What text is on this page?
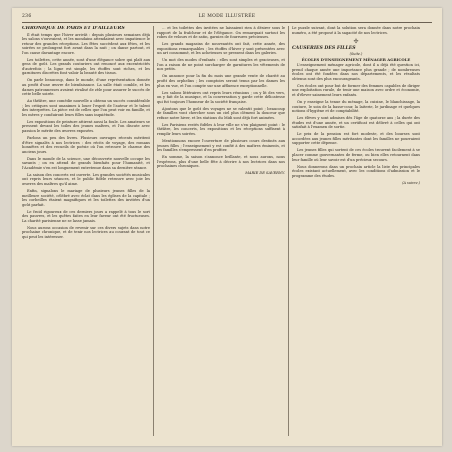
236	LE MODE ILLUSTRÉE
CHRONIQUE DE PARIS ET D'AILLEURS
Il était temps que l'hiver arrivât : depuis plusieurs semaines déjà les salons s'ouvraient, et les mondains attendaient avec impatience le retour des grandes réceptions. Les fêtes succèdent aux fêtes, et les soirées se prolongent fort avant dans la nuit ; on danse partout, et l'on cause davantage encore.
Les toilettes, cette année, sont d'une élégance sobre qui plaît aux gens de goût. Les grands couturiers ont renoncé aux excentricités d'autrefois ; la ligne est simple, les étoffes sont riches, et les garnitures discrètes font valoir la beauté des tissus.
On parle beaucoup, dans le monde, d'une représentation donnée au profit d'une œuvre de bienfaisance. La salle était comble, et les dames patronnesses avaient rivalisé de zèle pour assurer le succès de cette belle soirée.
Au théâtre, une comédie nouvelle a obtenu un succès considérable ; les critiques sont unanimes à louer l'esprit de l'auteur et le talent des interprètes. La pièce est de celles que l'on peut voir en famille, et les mères y conduiront leurs filles sans inquiétude.
Les expositions de peinture attirent aussi la foule. Les amateurs se pressent devant les toiles des jeunes maîtres, et l'on discute avec passion le mérite des œuvres exposées.
Parlons un peu des livres. Plusieurs ouvrages récents méritent d'être signalés à nos lectrices : des récits de voyage, des romans honnêtes et des recueils de poésie où l'on retrouve le charme des anciens jours.
Dans le monde de la science, une découverte nouvelle occupe les savants ; on en attend de grands bienfaits pour l'humanité, et l'Académie s'en est longuement entretenue dans sa dernière séance.
La saison des concerts est ouverte. Les grandes sociétés musicales ont repris leurs séances, et le public fidèle retrouve avec joie les œuvres des maîtres qu'il aime.
Enfin, signalons le mariage de plusieurs jeunes filles de la meilleure société, célébré avec éclat dans les églises de la capitale ; les corbeilles étaient magnifiques et les toilettes des invitées d'un goût parfait.
Le froid rigoureux de ces derniers jours a rappelé à tous le sort des pauvres, et les quêtes faites en leur faveur ont été fructueuses. La charité parisienne ne se lasse jamais.
Nous aurons occasion de revenir sur ces divers sujets dans notre prochaine chronique, et de tenir nos lectrices au courant de tout ce qui peut les intéresser.
… et les toilettes des invitées ne laissaient rien à désirer sous le rapport de la fraîcheur et de l'élégance. On remarquait surtout les robes de velours et de satin, garnies de fourrures précieuses.
Les grands magasins de nouveautés ont fait, cette année, des expositions remarquables ; les étoffes d'hiver y sont présentées avec un art consommé, et les acheteuses se pressent dans les galeries.
Un mot des modes d'enfants : elles sont simples et gracieuses, et l'on a raison de ne point surcharger de garnitures les vêtements de nos petits.
On annonce pour la fin du mois une grande vente de charité au profit des orphelins ; les comptoirs seront tenus par les dames les plus en vue, et l'on compte sur une affluence exceptionnelle.
Les salons littéraires ont repris leurs réunions ; on y lit des vers, on y fait de la musique, et la conversation y garde cette délicatesse qui fut toujours l'honneur de la société française.
Ajoutons que le goût des voyages ne se ralentit point ; beaucoup de familles vont chercher sous un ciel plus clément la douceur que refuse notre hiver, et les stations du Midi sont déjà fort animées.
Les Parisiens restés fidèles à leur ville ne s'en plaignent point : le théâtre, les concerts, les expositions et les réceptions suffisent à remplir leurs soirées.
Mentionnons encore l'ouverture de plusieurs cours destinés aux jeunes filles ; l'enseignement y est confié à des maîtres éminents, et les familles s'empressent d'en profiter.
En somme, la saison s'annonce brillante, et nous aurons, nous l'espérons, plus d'une belle fête à décrire à nos lectrices dans nos prochaines chroniques.
MARIE DE SAVERNY.
Le puzzle suivant, dont la solution sera donnée dans notre prochain numéro, a été proposé à la sagacité de nos lectrices.
✢
CAUSERIES DES FILLES
(Suite.)
ÉCOLES D'ENSEIGNEMENT MÉNAGER AGRICOLE
L'enseignement ménager agricole, dont il a déjà été question ici, prend chaque année une importance plus grande ; de nombreuses écoles ont été fondées dans nos départements, et les résultats obtenus sont des plus encourageants.
Ces écoles ont pour but de former des femmes capables de diriger une exploitation rurale, de tenir une maison avec ordre et économie, et d'élever sainement leurs enfants.
On y enseigne la tenue du ménage, la cuisine, le blanchissage, la couture, le soin de la basse-cour, la laiterie, le jardinage et quelques notions d'hygiène et de comptabilité.
Les élèves y sont admises dès l'âge de quatorze ans ; la durée des études est d'une année, et un certificat est délivré à celles qui ont satisfait à l'examen de sortie.
Le prix de la pension est fort modeste, et des bourses sont accordées aux jeunes filles méritantes dont les familles ne pourraient supporter cette dépense.
Les jeunes filles qui sortent de ces écoles trouvent facilement à se placer comme gouvernantes de ferme, ou bien elles retournent dans leur famille où leur savoir est d'un précieux secours.
Nous donnerons dans un prochain article la liste des principales écoles existant actuellement, avec les conditions d'admission et le programme des études.
(A suivre.)
